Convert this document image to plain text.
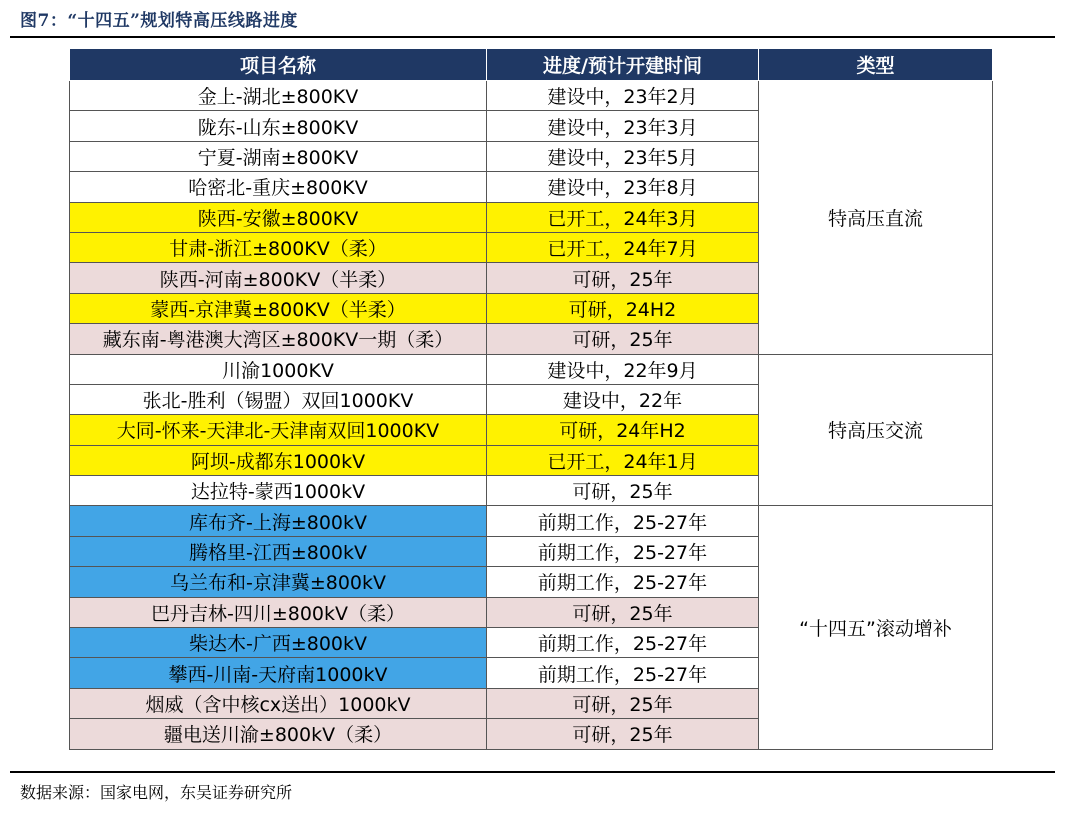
图7：“十四五”规划特高压线路进度
项目名称	进度/预计开建时间	类型
金上-湖北±800KV	建设中，23年2月	特高压直流
陇东-山东±800KV	建设中，23年3月	
宁夏-湖南±800KV	建设中，23年5月	
哈密北-重庆±800KV	建设中，23年8月	
陕西-安徽±800KV	已开工，24年3月	
甘肃-浙江±800KV（柔）	已开工，24年7月	
陕西-河南±800KV（半柔）	可研，25年	
蒙西-京津冀±800KV（半柔）	可研，24H2	
藏东南-粤港澳大湾区±800KV一期（柔）	可研，25年	
川渝1000KV	建设中，22年9月	特高压交流
张北-胜利（锡盟）双回1000KV	建设中，22年	
大同-怀来-天津北-天津南双回1000KV	可研，24年H2	
阿坝-成都东1000kV	已开工，24年1月	
达拉特-蒙西1000kV	可研，25年	
库布齐-上海±800kV	前期工作，25-27年	“十四五”滚动增补
腾格里-江西±800kV	前期工作，25-27年	
乌兰布和-京津冀±800kV	前期工作，25-27年	
巴丹吉林-四川±800kV（柔）	可研，25年	
柴达木-广西±800kV	前期工作，25-27年	
攀西-川南-天府南1000kV	前期工作，25-27年	
烟威（含中核cx送出）1000kV	可研，25年	
疆电送川渝±800kV（柔）	可研，25年	
数据来源：国家电网，东吴证券研究所
